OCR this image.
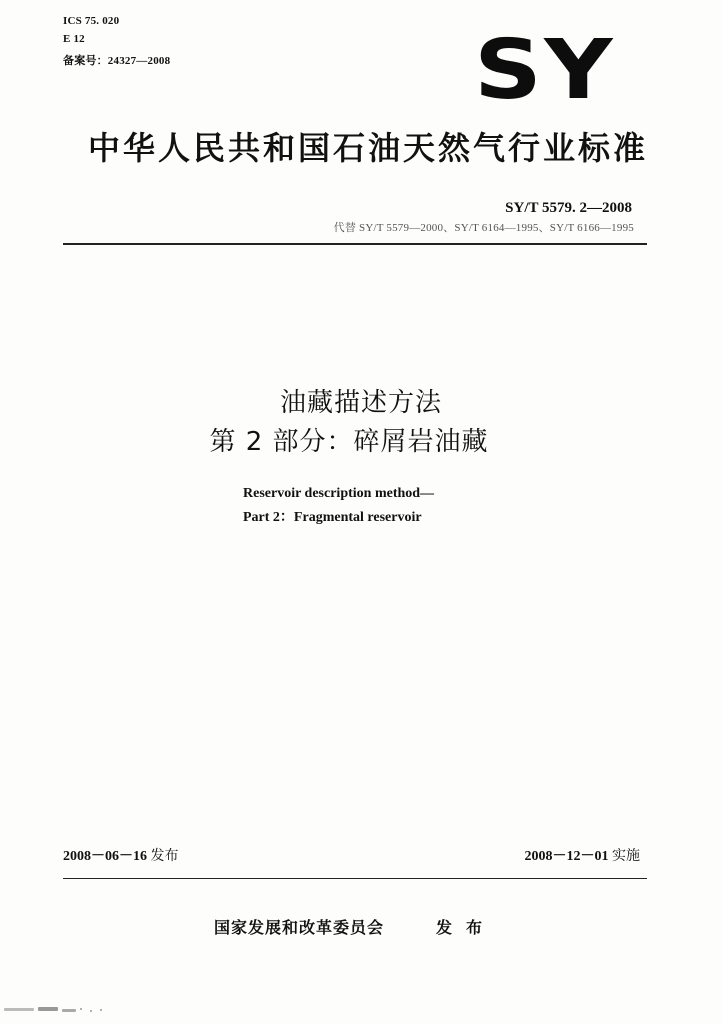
ICS 75. 020
E 12
备案号：24327—2008	SY
中华人民共和国石油天然气行业标准
SY/T 5579. 2—2008
代替 SY/T 5579—2000、SY/T 6164—1995、SY/T 6166—1995
油藏描述方法
第 2 部分：碎屑岩油藏
Reservoir description method—
Part 2：Fragmental reservoir
2008－06－16 发布	2008－12－01 实施
国家发展和改革委员会	发布
